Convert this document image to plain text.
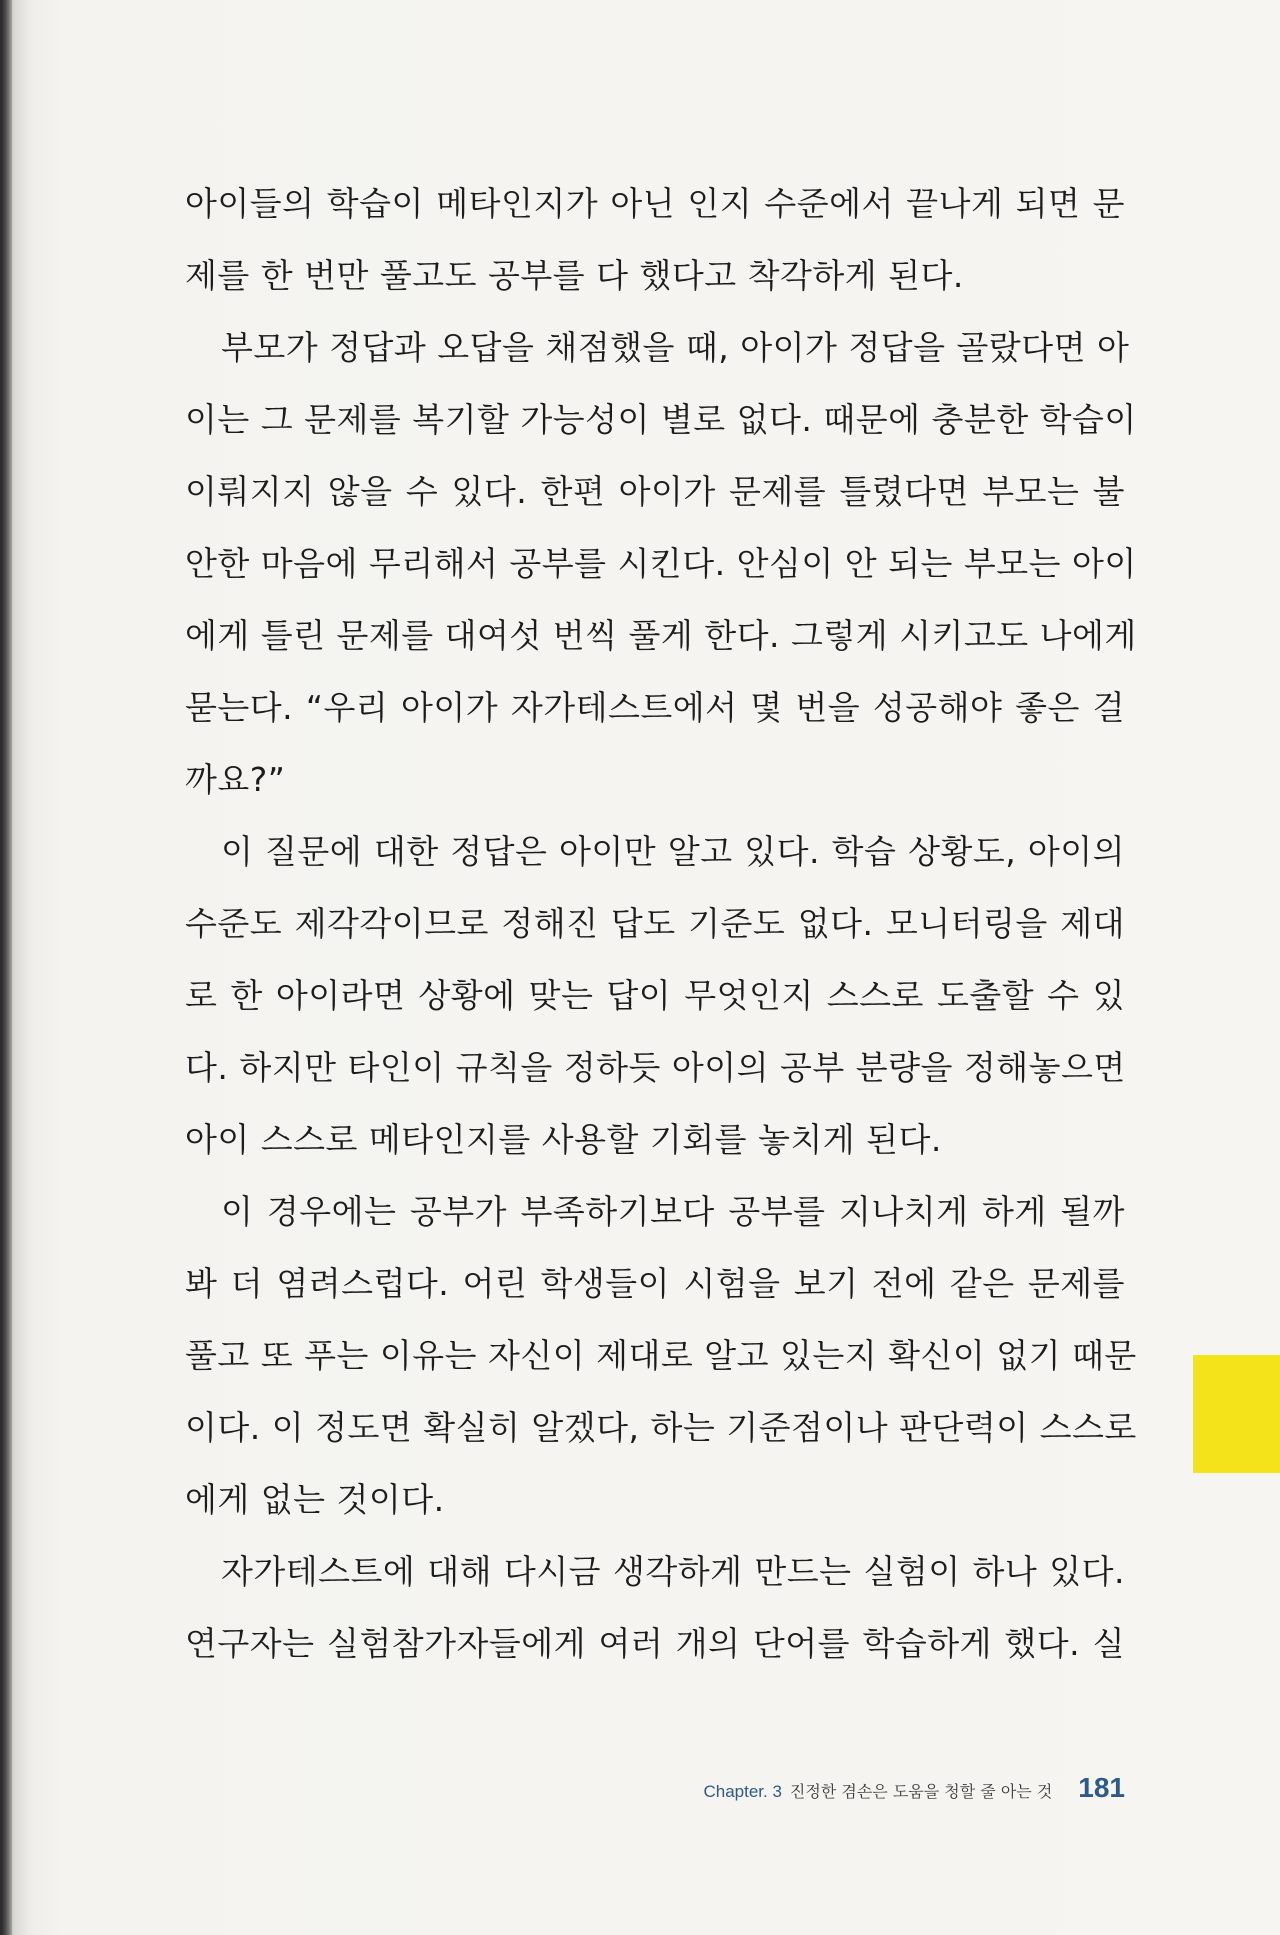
아이들의 학습이 메타인지가 아닌 인지 수준에서 끝나게 되면 문
제를 한 번만 풀고도 공부를 다 했다고 착각하게 된다.
부모가 정답과 오답을 채점했을 때, 아이가 정답을 골랐다면 아
이는 그 문제를 복기할 가능성이 별로 없다. 때문에 충분한 학습이
이뤄지지 않을 수 있다. 한편 아이가 문제를 틀렸다면 부모는 불
안한 마음에 무리해서 공부를 시킨다. 안심이 안 되는 부모는 아이
에게 틀린 문제를 대여섯 번씩 풀게 한다. 그렇게 시키고도 나에게
묻는다. “우리 아이가 자가테스트에서 몇 번을 성공해야 좋은 걸
까요?”
이 질문에 대한 정답은 아이만 알고 있다. 학습 상황도, 아이의
수준도 제각각이므로 정해진 답도 기준도 없다. 모니터링을 제대
로 한 아이라면 상황에 맞는 답이 무엇인지 스스로 도출할 수 있
다. 하지만 타인이 규칙을 정하듯 아이의 공부 분량을 정해놓으면
아이 스스로 메타인지를 사용할 기회를 놓치게 된다.
이 경우에는 공부가 부족하기보다 공부를 지나치게 하게 될까
봐 더 염려스럽다. 어린 학생들이 시험을 보기 전에 같은 문제를
풀고 또 푸는 이유는 자신이 제대로 알고 있는지 확신이 없기 때문
이다. 이 정도면 확실히 알겠다, 하는 기준점이나 판단력이 스스로
에게 없는 것이다.
자가테스트에 대해 다시금 생각하게 만드는 실험이 하나 있다.
연구자는 실험참가자들에게 여러 개의 단어를 학습하게 했다. 실
Chapter. 3 진정한 겸손은 도움을 청할 줄 아는 것 181
